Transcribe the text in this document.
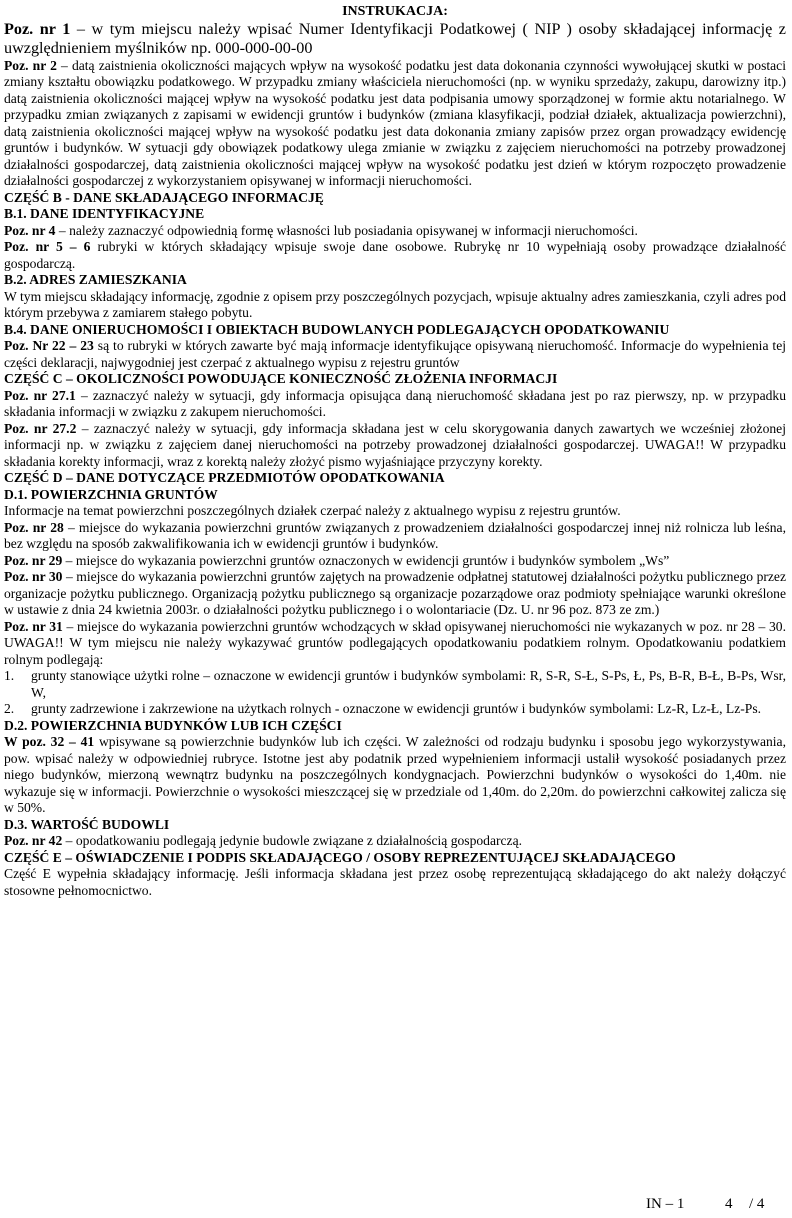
INSTRUKACJA:

Poz. nr 1 – w tym miejscu należy wpisać Numer Identyfikacji Podatkowej ( NIP ) osoby składającej informację z uwzględnieniem myślników np. 000-000-00-00

Poz. nr 2 – datą zaistnienia okoliczności mających wpływ na wysokość podatku jest data dokonania czynności wywołującej skutki w postaci zmiany kształtu obowiązku podatkowego. W przypadku zmiany właściciela nieruchomości (np. w wyniku sprzedaży, zakupu, darowizny itp.) datą zaistnienia okoliczności mającej wpływ na wysokość podatku jest data podpisania umowy sporządzonej w formie aktu notarialnego. W przypadku zmian związanych z zapisami w ewidencji gruntów i budynków (zmiana klasyfikacji, podział działek, aktualizacja powierzchni), datą zaistnienia okoliczności mającej wpływ na wysokość podatku jest data dokonania zmiany zapisów przez organ prowadzący ewidencję gruntów i budynków. W sytuacji gdy obowiązek podatkowy ulega zmianie w związku z zajęciem nieruchomości na potrzeby prowadzonej działalności gospodarczej, datą zaistnienia okoliczności mającej wpływ na wysokość podatku jest dzień w którym rozpoczęto prowadzenie działalności gospodarczej z wykorzystaniem opisywanej w informacji nieruchomości.

CZĘŚĆ B - DANE SKŁADAJĄCEGO INFORMACJĘ

B.1. DANE IDENTYFIKACYJNE

Poz. nr 4 – należy zaznaczyć odpowiednią formę własności lub posiadania opisywanej w informacji nieruchomości.

Poz. nr 5 – 6 rubryki w których składający wpisuje swoje dane osobowe. Rubrykę nr 10 wypełniają osoby prowadzące działalność gospodarczą.

B.2. ADRES ZAMIESZKANIA

W tym miejscu składający informację, zgodnie z opisem przy poszczególnych pozycjach, wpisuje aktualny adres zamieszkania, czyli adres pod którym przebywa z zamiarem stałego pobytu.

B.4. DANE ONIERUCHOMOŚCI I OBIEKTACH BUDOWLANYCH PODLEGAJĄCYCH OPODATKOWANIU

Poz. Nr 22 – 23 są to rubryki w których zawarte być mają informacje identyfikujące opisywaną nieruchomość. Informacje do wypełnienia tej części deklaracji, najwygodniej jest czerpać z aktualnego wypisu z rejestru gruntów

CZĘŚĆ C – OKOLICZNOŚCI POWODUJĄCE KONIECZNOŚĆ ZŁOŻENIA INFORMACJI

Poz. nr 27.1 – zaznaczyć należy w sytuacji, gdy informacja opisująca daną nieruchomość składana jest po raz pierwszy, np. w przypadku składania informacji w związku z zakupem nieruchomości.

Poz. nr 27.2 – zaznaczyć należy w sytuacji, gdy informacja składana jest w celu skorygowania danych zawartych we wcześniej złożonej informacji np. w związku z zajęciem danej nieruchomości na potrzeby prowadzonej działalności gospodarczej. UWAGA!! W przypadku składania korekty informacji, wraz z korektą należy złożyć pismo wyjaśniające przyczyny korekty.

CZĘŚĆ D – DANE DOTYCZĄCE PRZEDMIOTÓW OPODATKOWANIA

D.1. POWIERZCHNIA GRUNTÓW

Informacje na temat powierzchni poszczególnych działek czerpać należy z aktualnego wypisu z rejestru gruntów.

Poz. nr 28 – miejsce do wykazania powierzchni gruntów związanych z prowadzeniem działalności gospodarczej innej niż rolnicza lub leśna, bez względu na sposób zakwalifikowania ich w ewidencji gruntów i budynków.

Poz. nr 29 – miejsce do wykazania powierzchni gruntów oznaczonych w ewidencji gruntów i budynków symbolem „Ws”

Poz. nr 30 – miejsce do wykazania powierzchni gruntów zajętych na prowadzenie odpłatnej statutowej działalności pożytku publicznego przez organizacje pożytku publicznego. Organizacją pożytku publicznego są organizacje pozarządowe oraz podmioty spełniające warunki określone w ustawie z dnia 24 kwietnia 2003r. o działalności pożytku publicznego i o wolontariacie (Dz. U. nr 96 poz. 873 ze zm.)

Poz. nr 31 – miejsce do wykazania powierzchni gruntów wchodzących w skład opisywanej nieruchomości nie wykazanych w poz. nr 28 – 30. UWAGA!! W tym miejscu nie należy wykazywać gruntów podlegających opodatkowaniu podatkiem rolnym. Opodatkowaniu podatkiem rolnym podlegają:

1. grunty stanowiące użytki rolne – oznaczone w ewidencji gruntów i budynków symbolami: R, S-R, S-Ł, S-Ps, Ł, Ps, B-R, B-Ł, B-Ps, Wsr, W,
2. grunty zadrzewione i zakrzewione na użytkach rolnych - oznaczone w ewidencji gruntów i budynków symbolami: Lz-R, Lz-Ł, Lz-Ps.

D.2. POWIERZCHNIA BUDYNKÓW LUB ICH CZĘŚCI

W poz. 32 – 41 wpisywane są powierzchnie budynków lub ich części. W zależności od rodzaju budynku i sposobu jego wykorzystywania, pow. wpisać należy w odpowiedniej rubryce. Istotne jest aby podatnik przed wypełnieniem informacji ustalił wysokość posiadanych przez niego budynków, mierzoną wewnątrz budynku na poszczególnych kondygnacjach. Powierzchni budynków o wysokości do 1,40m. nie wykazuje się w informacji. Powierzchnie o wysokości mieszczącej się w przedziale od 1,40m. do 2,20m. do powierzchni całkowitej zalicza się w 50%.

D.3. WARTOŚĆ BUDOWLI

Poz. nr 42 – opodatkowaniu podlegają jedynie budowle związane z działalnością gospodarczą.

CZĘŚĆ E – OŚWIADCZENIE I PODPIS SKŁADAJĄCEGO / OSOBY REPREZENTUJĄCEJ SKŁADAJĄCEGO

Część E wypełnia składający informację. Jeśli informacja składana jest przez osobę reprezentującą składającego do akt należy dołączyć stosowne pełnomocnictwo.

IN – 1	4 / 4
